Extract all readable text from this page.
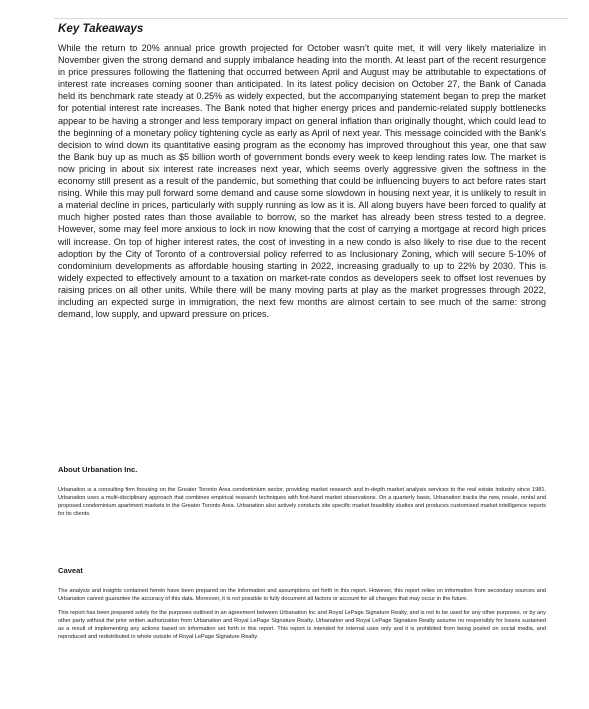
Key Takeaways

While the return to 20% annual price growth projected for October wasn’t quite met, it will very likely materialize in November given the strong demand and supply imbalance heading into the month. At least part of the recent resurgence in price pressures following the flattening that occurred between April and August may be attributable to expectations of interest rate increases coming sooner than anticipated. In its latest policy decision on October 27, the Bank of Canada held its benchmark rate steady at 0.25% as widely expected, but the accompanying statement began to prep the market for potential interest rate increases. The Bank noted that higher energy prices and pandemic-related supply bottlenecks appear to be having a stronger and less temporary impact on general inflation than originally thought, which could lead to the beginning of a monetary policy tightening cycle as early as April of next year. This message coincided with the Bank’s decision to wind down its quantitative easing program as the economy has improved throughout this year, one that saw the Bank buy up as much as $5 billion worth of government bonds every week to keep lending rates low. The market is now pricing in about six interest rate increases next year, which seems overly aggressive given the softness in the economy still present as a result of the pandemic, but something that could be influencing buyers to act before rates start rising. While this may pull forward some demand and cause some slowdown in housing next year, it is unlikely to result in a material decline in prices, particularly with supply running as low as it is. All along buyers have been forced to qualify at much higher posted rates than those available to borrow, so the market has already been stress tested to a degree. However, some may feel more anxious to lock in now knowing that the cost of carrying a mortgage at record high prices will increase. On top of higher interest rates, the cost of investing in a new condo is also likely to rise due to the recent adoption by the City of Toronto of a controversial policy referred to as Inclusionary Zoning, which will secure 5-10% of condominium developments as affordable housing starting in 2022, increasing gradually to up to 22% by 2030. This is widely expected to effectively amount to a taxation on market-rate condos as developers seek to offset lost revenues by raising prices on all other units. While there will be many moving parts at play as the market progresses through 2022, including an expected surge in immigration, the next few months are almost certain to see much of the same: strong demand, low supply, and upward pressure on prices.

About Urbanation Inc.

Urbanation is a consulting firm focusing on the Greater Toronto Area condominium sector, providing market research and in-depth market analysis services to the real estate industry since 1981. Urbanation uses a multi-disciplinary approach that combines empirical research techniques with first-hand market observations. On a quarterly basis, Urbanation tracks the new, resale, rental and proposed condominium apartment markets in the Greater Toronto Area. Urbanation also actively conducts site specific market feasibility studies and produces customized market intelligence reports for its clients.

Caveat

The analysis and insights contained herein have been prepared on the information and assumptions set forth in this report. However, this report relies on information from secondary sources and Urbanation cannot guarantee the accuracy of this data. Moreover, it is not possible to fully document all factors or account for all changes that may occur in the future.

This report has been prepared solely for the purposes outlined in an agreement between Urbanation Inc and Royal LePage Signature Realty, and is not to be used for any other purposes, or by any other party without the prior written authorization from Urbanation and Royal LePage Signature Realty. Urbanation and Royal LePage Signature Realty assume no responsibly for losses sustained as a result of implementing any actions based on information set forth in this report. This report is intended for internal uses only and it is prohibited from being posted on social media, and reproduced and redistributed in whole outside of Royal LePage Signature Realty.
